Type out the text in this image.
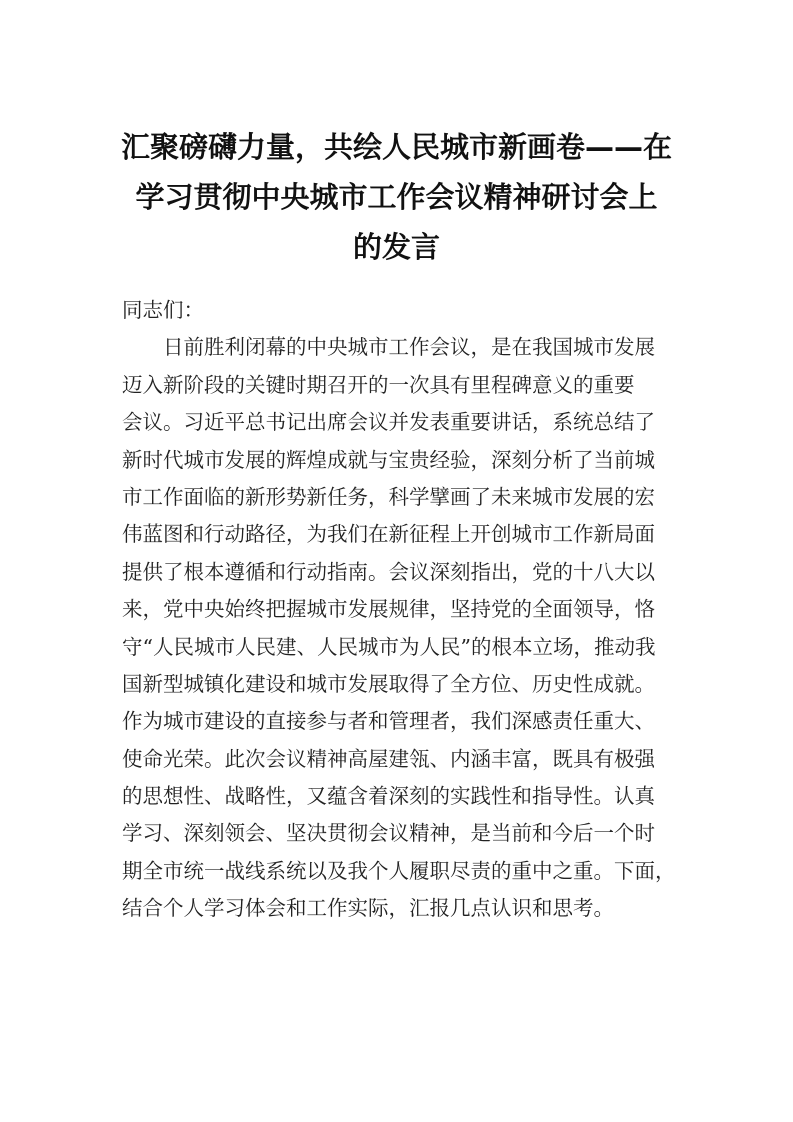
汇聚磅礴力量，共绘人民城市新画卷——在
学习贯彻中央城市工作会议精神研讨会上
的发言
同志们：
　　日前胜利闭幕的中央城市工作会议，是在我国城市发展
迈入新阶段的关键时期召开的一次具有里程碑意义的重要
会议。习近平总书记出席会议并发表重要讲话，系统总结了
新时代城市发展的辉煌成就与宝贵经验，深刻分析了当前城
市工作面临的新形势新任务，科学擘画了未来城市发展的宏
伟蓝图和行动路径，为我们在新征程上开创城市工作新局面
提供了根本遵循和行动指南。会议深刻指出，党的十八大以
来，党中央始终把握城市发展规律，坚持党的全面领导，恪
守“人民城市人民建、人民城市为人民”的根本立场，推动我
国新型城镇化建设和城市发展取得了全方位、历史性成就。
作为城市建设的直接参与者和管理者，我们深感责任重大、
使命光荣。此次会议精神高屋建瓴、内涵丰富，既具有极强
的思想性、战略性，又蕴含着深刻的实践性和指导性。认真
学习、深刻领会、坚决贯彻会议精神，是当前和今后一个时
期全市统一战线系统以及我个人履职尽责的重中之重。下面，
结合个人学习体会和工作实际，汇报几点认识和思考。
